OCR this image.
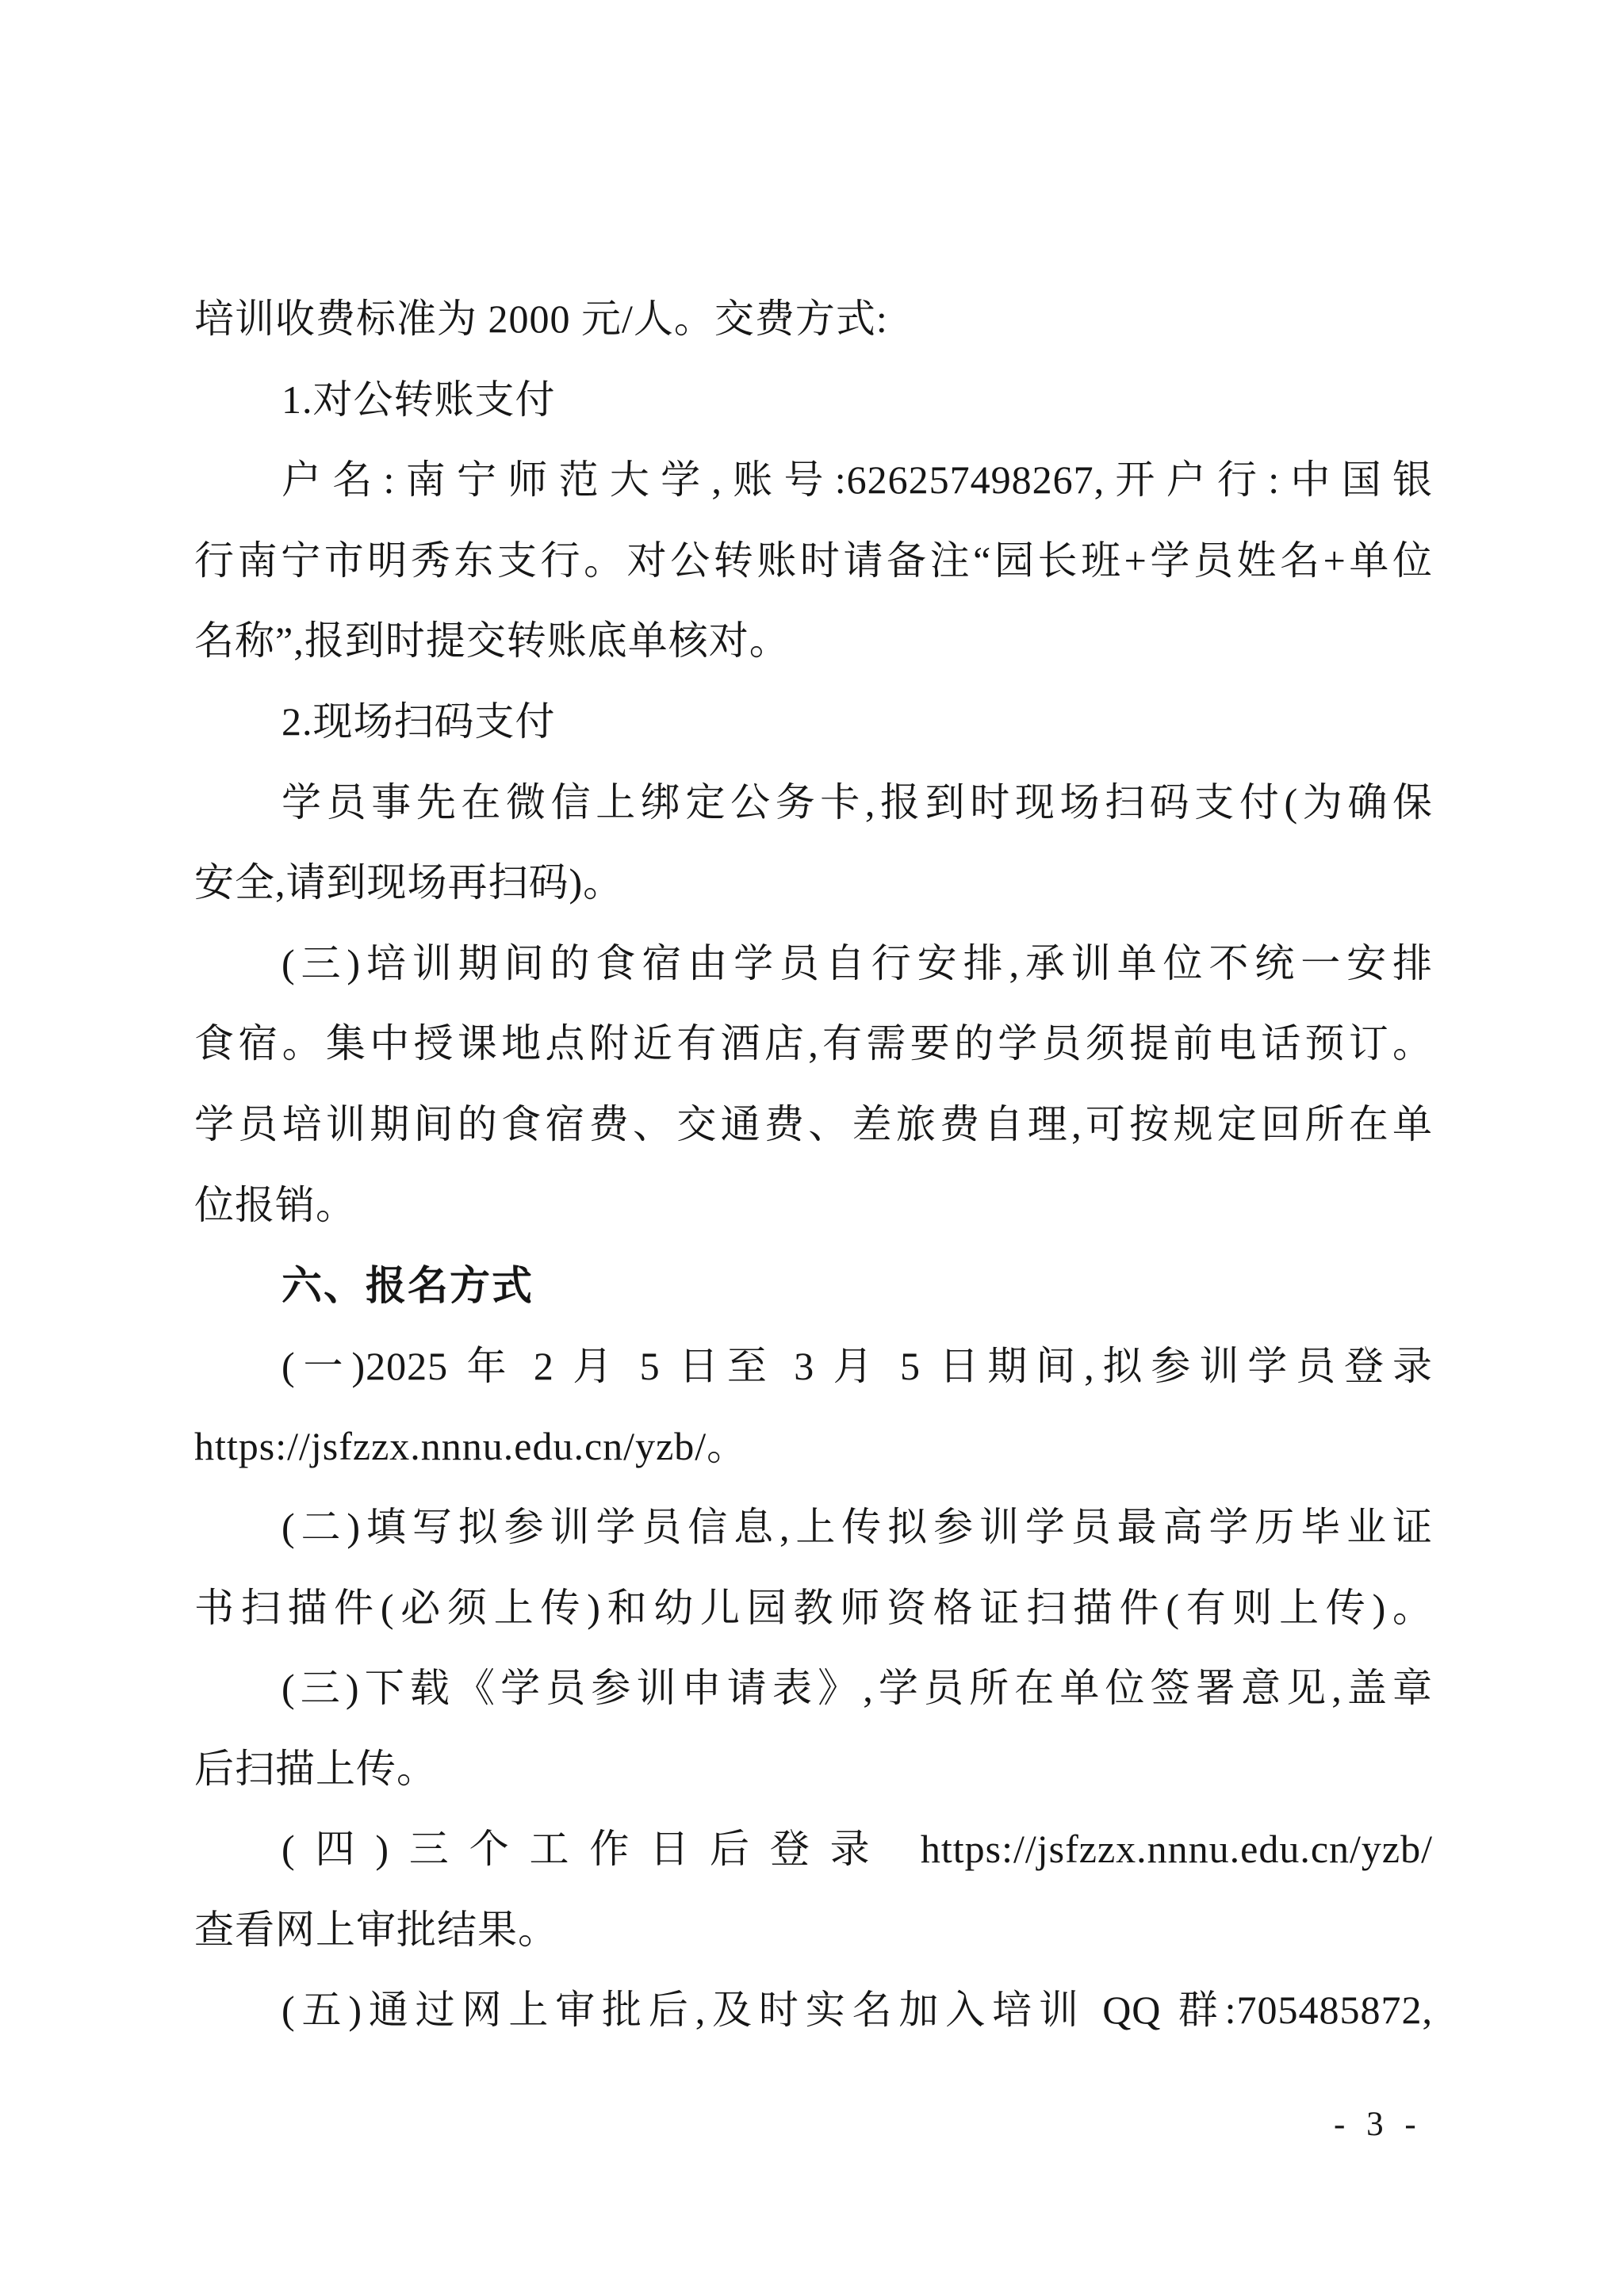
培训收费标准为 2000 元/人。交费方式:
1.对公转账支付
户名:南宁师范大学,账号:626257498267,开户行:中国银
行南宁市明秀东支行。对公转账时请备注“园长班+学员姓名+单位
名称”,报到时提交转账底单核对。
2.现场扫码支付
学员事先在微信上绑定公务卡,报到时现场扫码支付(为确保
安全,请到现场再扫码)。
(三)培训期间的食宿由学员自行安排,承训单位不统一安排
食宿。集中授课地点附近有酒店,有需要的学员须提前电话预订。
学员培训期间的食宿费、交通费、差旅费自理,可按规定回所在单
位报销。
六、报名方式
(一)2025 年 2 月 5 日至 3 月 5 日期间,拟参训学员登录
https://jsfzzx.nnnu.edu.cn/yzb/。
(二)填写拟参训学员信息,上传拟参训学员最高学历毕业证
书扫描件(必须上传)和幼儿园教师资格证扫描件(有则上传)。
(三)下载《学员参训申请表》,学员所在单位签署意见,盖章
后扫描上传。
(四)三个工作日后登录 https://jsfzzx.nnnu.edu.cn/yzb/
查看网上审批结果。
(五)通过网上审批后,及时实名加入培训 QQ 群:705485872,
- 3 -
